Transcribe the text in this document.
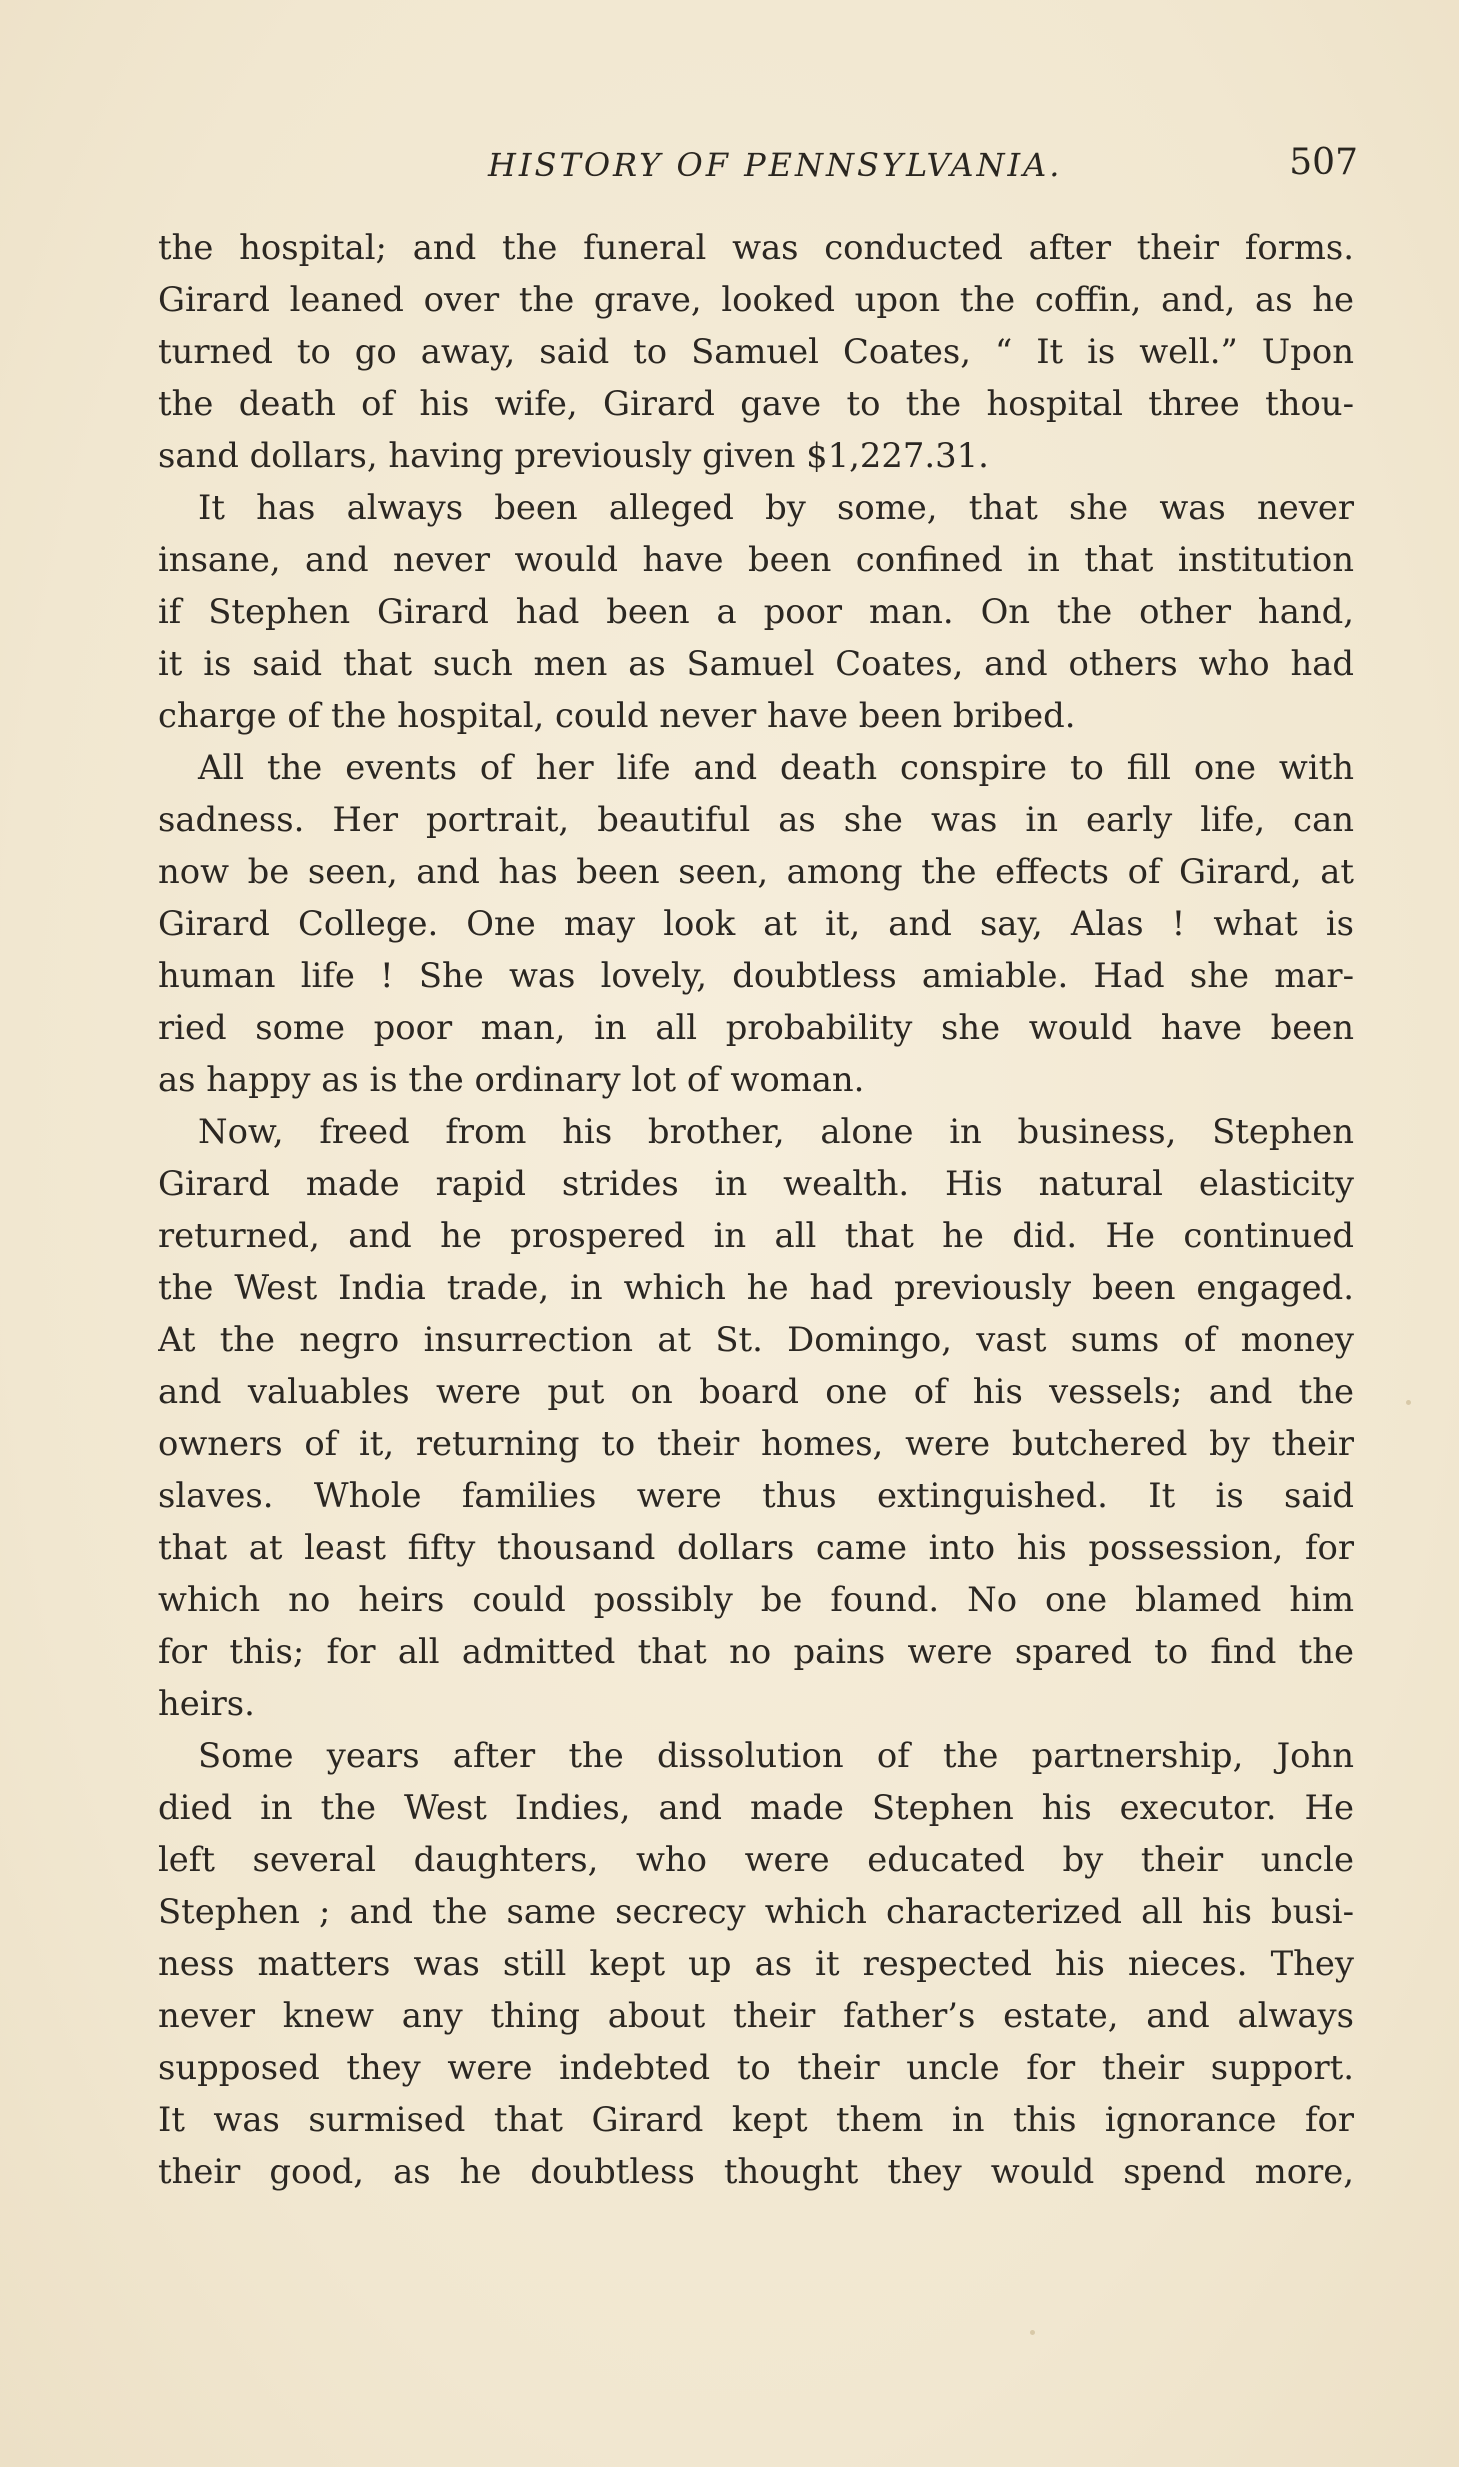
HISTORY OF PENNSYLVANIA.	507
the hospital; and the funeral was conducted after their forms.
Girard leaned over the grave, looked upon the coffin, and, as he
turned to go away, said to Samuel Coates, “ It is well.” Upon
the death of his wife, Girard gave to the hospital three thou-
sand dollars, having previously given $1,227.31.
It has always been alleged by some, that she was never
insane, and never would have been confined in that institution
if Stephen Girard had been a poor man. On the other hand,
it is said that such men as Samuel Coates, and others who had
charge of the hospital, could never have been bribed.
All the events of her life and death conspire to fill one with
sadness. Her portrait, beautiful as she was in early life, can
now be seen, and has been seen, among the effects of Girard, at
Girard College. One may look at it, and say, Alas ! what is
human life ! She was lovely, doubtless amiable. Had she mar-
ried some poor man, in all probability she would have been
as happy as is the ordinary lot of woman.
Now, freed from his brother, alone in business, Stephen
Girard made rapid strides in wealth. His natural elasticity
returned, and he prospered in all that he did. He continued
the West India trade, in which he had previously been engaged.
At the negro insurrection at St. Domingo, vast sums of money
and valuables were put on board one of his vessels; and the
owners of it, returning to their homes, were butchered by their
slaves. Whole families were thus extinguished. It is said
that at least fifty thousand dollars came into his possession, for
which no heirs could possibly be found. No one blamed him
for this; for all admitted that no pains were spared to find the
heirs.
Some years after the dissolution of the partnership, John
died in the West Indies, and made Stephen his executor. He
left several daughters, who were educated by their uncle
Stephen ; and the same secrecy which characterized all his busi-
ness matters was still kept up as it respected his nieces. They
never knew any thing about their father’s estate, and always
supposed they were indebted to their uncle for their support.
It was surmised that Girard kept them in this ignorance for
their good, as he doubtless thought they would spend more,
